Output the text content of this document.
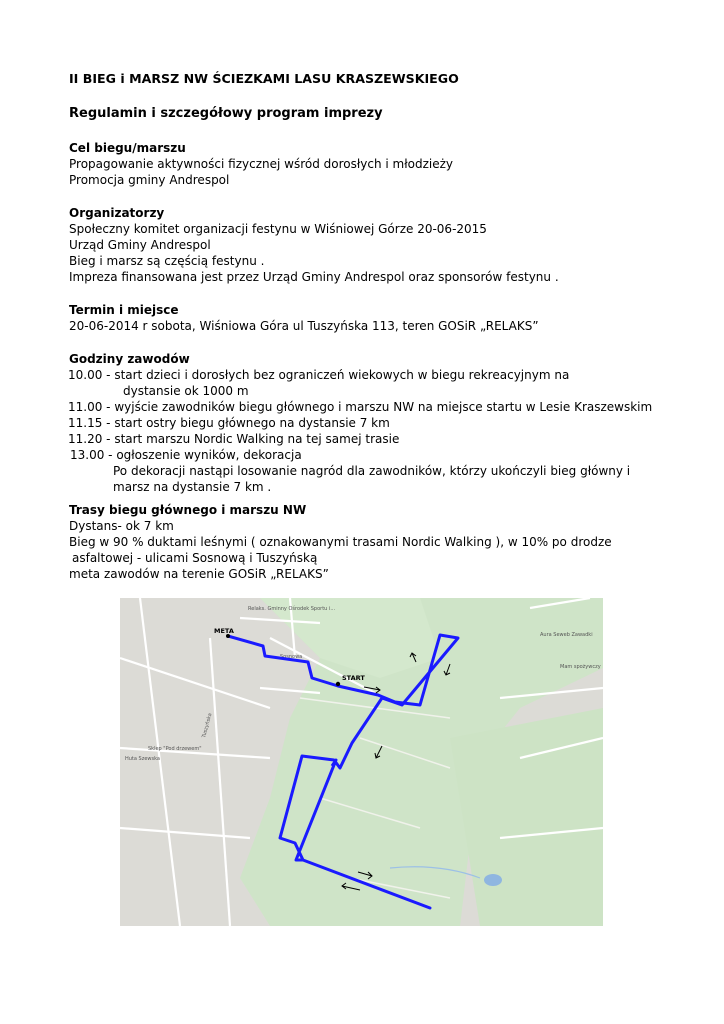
II BIEG i MARSZ NW ŚCIEZKAMI LASU KRASZEWSKIEGO
Regulamin i szczegółowy program imprezy
Cel biegu/marszu
Propagowanie aktywności fizycznej wśród dorosłych i młodzieży
Promocja gminy Andrespol
Organizatorzy
Społeczny komitet organizacji festynu w Wiśniowej Górze 20-06-2015
Urząd Gminy Andrespol
Bieg i marsz są częścią festynu .
Impreza finansowana jest przez Urząd Gminy Andrespol oraz sponsorów festynu .
Termin i miejsce
20-06-2014 r sobota, Wiśniowa Góra ul Tuszyńska 113, teren GOSiR „RELAKS”
Godziny zawodów
10.00 - start dzieci i dorosłych bez ograniczeń wiekowych w biegu rekreacyjnym na
dystansie ok 1000 m
11.00 - wyjście zawodników biegu głównego i marszu NW na miejsce startu w Lesie Kraszewskim
11.15 - start ostry biegu głównego na dystansie 7 km
11.20 - start marszu Nordic Walking na tej samej trasie
13.00 - ogłoszenie wyników, dekoracja
Po dekoracji nastąpi losowanie nagród dla zawodników, którzy ukończyli bieg główny i
marsz na dystansie 7 km .
Trasy biegu głównego i marszu NW
Dystans- ok 7 km
Bieg w 90 % duktami leśnymi ( oznakowanymi trasami Nordic Walking ), w 10% po drodze
asfaltowej - ulicami Sosnową i Tuszyńską
meta zawodów na terenie GOSiR „RELAKS”
Relaks. Gminny Ośrodek Sportu i...
Tuszyńska
Sosnowa
Sklep "Pod drzewem"
Huta Szewska
Aura Seweb Zawadki
Mam spożywczy
START
META
